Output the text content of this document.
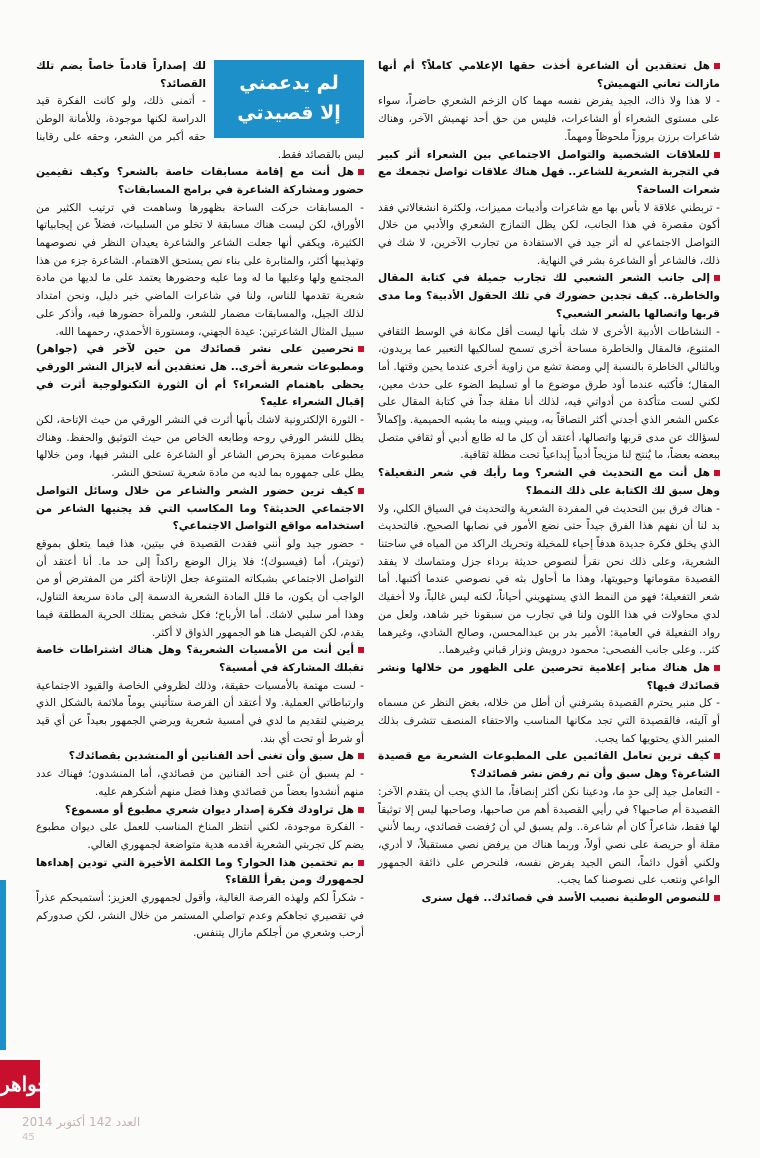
هل تعتقدين أن الشاعرة أخذت حقها الإعلامي كاملاً؟ أم أنها مازالت تعاني التهميش؟

- لا هذا ولا ذاك، الجيد يفرض نفسه مهما كان الزخم الشعري حاضراً، سواء على مستوى الشعراء أو الشاعرات، فليس من حق أحد تهميش الآخر، وهناك شاعرات برزن بروزاً ملحوظاً ومهماً.

للعلاقات الشخصية والتواصل الاجتماعي بين الشعراء أثر كبير في التجربة الشعرية للشاعر.. فهل هناك علاقات تواصل تجمعك مع شعرات الساحة؟

- تربطني علاقة لا بأس بها مع شاعرات وأديبات مميزات، ولكثرة انشغالاتي فقد أكون مقصرة في هذا الجانب، لكن يظل التمازج الشعري والأدبي من خلال التواصل الاجتماعي له أثر جيد في الاستفادة من تجارب الآخرين، لا شك في ذلك، فالشاعر أو الشاعرة بشر في النهاية.

إلى جانب الشعر الشعبي لك تجارب جميلة في كتابة المقال والخاطرة.. كيف تجدين حضورك في تلك الحقول الأدبية؟ وما مدى قربها واتصالها بالشعر الشعبي؟

- النشاطات الأدبية الأخرى لا شك بأنها ليست أقل مكانة في الوسط الثقافي المتنوع، فالمقال والخاطرة مساحة أخرى تسمح لسالكيها التعبير عما يريدون، وبالتالي الخاطرة بالنسبة إلي ومضة تشع من زاوية أخرى عندما يحين وقتها. أما المقال؛ فأكتبه عندما أود طرق موضوع ما أو تسليط الضوء على حدث معين، لكني لست متأكدة من أدواتي فيه، لذلك أنا مقلة جداً في كتابة المقال على عكس الشعر الذي أجدني أكثر التصاقاً به، وبيني وبينه ما يشبه الحميمية. وإكمالاً لسؤالك عن مدى قربها واتصالها، أعتقد أن كل ما له طابع أدبي أو ثقافي متصل ببعضه بعضاً، ما يُنتج لنا مزيجاً أدبياً إبداعياً تحت مظلة ثقافية.

هل أنت مع التحديث في الشعر؟ وما رأيك في شعر التفعيلة؟ وهل سبق لك الكتابة على ذلك النمط؟

- هناك فرق بين التحديث في المفردة الشعرية والتحديث في السياق الكلي، ولا بد لنا أن نفهم هذا الفرق جيداً حتى نضع الأمور في نصابها الصحيح. فالتحديث الذي يخلق فكرة جديدة هدفاً إحياء للمخيلة وتحريك الراكد من المياه في ساحتنا الشعرية، وعلى ذلك نحن نقرأ لنصوص حديثة برداء جزل ومتماسك لا يفقد القصيدة مقوماتها وحيويتها، وهذا ما أحاول بثه في نصوصي عندما أكتبها. أما شعر التفعيلة؛ فهو من النمط الذي يستهويني أحياناً، لكنه ليس غالباً، ولا أخفيك لدي محاولات في هذا اللون ولنا في تجارب من سبقونا خير شاهد، ولعل من رواد التفعيلة في العامية: الأمير بدر بن عبدالمحسن، وصالح الشادي، وغيرهما كثر.. وعلى جانب الفصحى: محمود درويش ونزار قباني وغيرهما..

هل هناك منابر إعلامية تحرصين على الظهور من خلالها ونشر قصائدك فيها؟

- كل منبر يحترم القصيدة يشرفني أن أطل من خلاله، بغض النظر عن مسماه أو آليته، فالقصيدة التي تجد مكانها المناسب والاحتفاء المنصف تتشرف بذلك المنبر الذي يحتويها كما يجب.

كيف ترين تعامل القائمين على المطبوعات الشعرية مع قصيدة الشاعرة؟ وهل سبق وأن تم رفض نشر قصائدك؟

- التعامل جيد إلى حدٍ ما، ودعينا نكن أكثر إنصافاً، ما الذي يجب أن يتقدم الآخر: القصيدة أم صاحبها؟ في رأيي القصيدة أهم من صاحبها، وصاحبها ليس إلا توثيقاً لها فقط، شاعراً كان أم شاعرة.. ولم يسبق لي أن رُفضت قصائدي، ربما لأنني مقلة أو حريصة على نصي أولاً، وربما هناك من يرفض نصي مستقبلاً، لا أدري، ولكني أقول دائماً، النص الجيد يفرض نفسه، فلنحرص على ذائقة الجمهور الواعي ونتعب على نصوصنا كما يجب.

للنصوص الوطنية نصيب الأسد في قصائدك.. فهل سنرى

لم يدعمني
إلا قصيدتي

لك إصداراً قادماً خاصاً يضم تلك القصائد؟

- أتمنى ذلك، ولو كانت الفكرة قيد الدراسة لكنها موجودة، وللأمانة الوطن حقه أكبر من الشعر، وحقه على رقابنا ليس بالقصائد فقط.

هل أنت مع إقامة مسابقات خاصة بالشعر؟ وكيف تقيمين حضور ومشاركة الشاعرة في برامج المسابقات؟

- المسابقات حركت الساحة بظهورها وساهمت في ترتيب الكثير من الأوراق، لكن ليست هناك مسابقة لا تخلو من السلبيات، فضلاً عن إيجابياتها الكثيرة، ويكفي أنها جعلت الشاعر والشاعرة يعيدان النظر في نصوصهما وتهذيبها أكثر، والمثابرة على بناء نص يستحق الاهتمام. الشاعرة جزء من هذا المجتمع ولها وعليها ما له وما عليه وحضورها يعتمد على ما لديها من مادة شعرية تقدمها للناس، ولنا في شاعرات الماضي خير دليل، ونحن امتداد لذلك الجيل، والمسابقات مضمار للشعر، وللمرأة حضورها فيه، وأذكر على سبيل المثال الشاعرتين: عيدة الجهني، ومستورة الأحمدي، رحمهما الله.

تحرصين على نشر قصائدك من حين لآخر في (جواهر) ومطبوعات شعرية أخرى.. هل تعتقدين أنه لايزال النشر الورقي يحظى باهتمام الشعراء؟ أم أن الثورة التكنولوجية أثرت في إقبال الشعراء عليه؟

- الثورة الإلكترونية لاشك بأنها أثرت في النشر الورقي من حيث الإتاحة، لكن يظل للنشر الورقي روحه وطابعه الخاص من حيث التوثيق والحفظ. وهناك مطبوعات مميزة يحرص الشاعر أو الشاعرة على النشر فيها، ومن خلالها يطل على جمهوره بما لديه من مادة شعرية تستحق النشر.

كيف ترين حضور الشعر والشاعر من خلال وسائل التواصل الاجتماعي الحديثة؟ وما المكاسب التي قد يجنيها الشاعر من استخدامه مواقع التواصل الاجتماعي؟

- حضور جيد ولو أنني فقدت القصيدة في بيتين، هذا فيما يتعلق بموقع (تويتر)، أما (فيسبوك)؛ فلا يزال الوضع راكداً إلى حد ما. أنا أعتقد أن التواصل الاجتماعي بشبكاته المتنوعة جعل الإتاحة أكثر من المفترض أو من الواجب أن يكون، ما قلل المادة الشعرية الدسمة إلى مادة سريعة التناول، وهذا أمر سلبي لاشك. أما الأرباح؛ فكل شخص يمتلك الحرية المطلقة فيما يقدم، لكن الفيصل هنا هو الجمهور الذواق لا أكثر.

أين أنت من الأمسيات الشعرية؟ وهل هناك اشتراطات خاصة تقبلك المشاركة في أمسية؟

- لست مهتمة بالأمسيات حقيقة، وذلك لظروفي الخاصة والقيود الاجتماعية وارتباطاتي العملية. ولا أعتقد أن الفرصة ستأتيني يوماً ملائمة بالشكل الذي يرضيني لتقديم ما لدي في أمسية شعرية ويرضي الجمهور بعيداً عن أي قيد أو شرط أو تحت أي بند.

هل سبق وأن تغنى أحد الفنانين أو المنشدين بقصائدك؟

- لم يسبق أن غنى أحد الفنانين من قصائدي، أما المنشدون؛ فهناك عدد منهم أنشدوا بعضاً من قصائدي وهذا فضل منهم أشكرهم عليه.

هل تراودك فكرة إصدار ديوان شعري مطبوع أو مسموع؟

- الفكرة موجودة، لكني أنتظر المناخ المناسب للعمل على ديوان مطبوع يضم كل تجربتي الشعرية أقدمه هدية متواضعة لجمهوري الغالي.

بم تختمين هذا الحوار؟ وما الكلمة الأخيرة التي تودين إهداءها لجمهورك ومن يقرأ اللقاء؟

- شكراً لكم ولهذه الفرصة الغالية، وأقول لجمهوري العزيز: أستميحكم عذراً في تقصيري تجاهكم وعدم تواصلي المستمر من خلال النشر، لكن صدوركم أرحب وشعري من أجلكم مازال يتنفس.

جواهر
العدد 142 أكتوبر 2014
45
